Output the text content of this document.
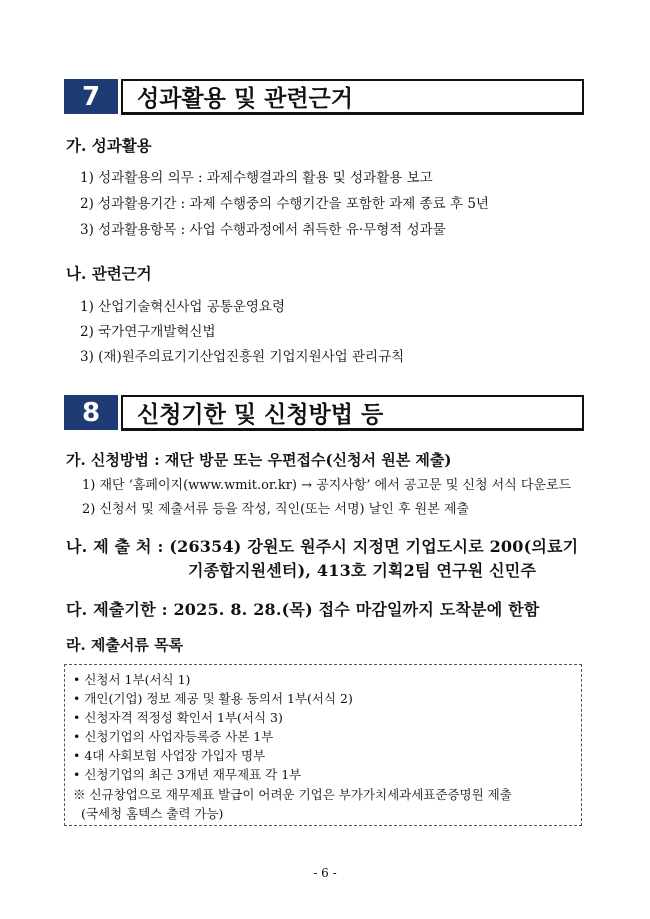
7	성과활용 및 관련근거
가. 성과활용
1) 성과활용의 의무 : 과제수행결과의 활용 및 성과활용 보고
2) 성과활용기간 : 과제 수행중의 수행기간을 포함한 과제 종료 후 5년
3) 성과활용항목 : 사업 수행과정에서 취득한 유·무형적 성과물
나. 관련근거
1) 산업기술혁신사업 공통운영요령
2) 국가연구개발혁신법
3) (재)원주의료기기산업진흥원 기업지원사업 관리규칙
8	신청기한 및 신청방법 등
가. 신청방법 : 재단 방문 또는 우편접수(신청서 원본 제출)
1) 재단 ‘홈페이지(www.wmit.or.kr) → 공지사항’ 에서 공고문 및 신청 서식 다운로드
2) 신청서 및 제출서류 등을 작성, 직인(또는 서명) 날인 후 원본 제출
나. 제 출 처 : (26354) 강원도 원주시 지정면 기업도시로 200(의료기
기종합지원센터), 413호 기획2팀 연구원 신민주
다. 제출기한 : 2025. 8. 28.(목) 접수 마감일까지 도착분에 한함
라. 제출서류 목록
• 신청서 1부(서식 1)
• 개인(기업) 정보 제공 및 활용 동의서 1부(서식 2)
• 신청자격 적정성 확인서 1부(서식 3)
• 신청기업의 사업자등록증 사본 1부
• 4대 사회보험 사업장 가입자 명부
• 신청기업의 최근 3개년 재무제표 각 1부
※ 신규창업으로 재무제표 발급이 어려운 기업은 부가가치세과세표준증명원 제출
(국세청 홈텍스 출력 가능)
- 6 -
